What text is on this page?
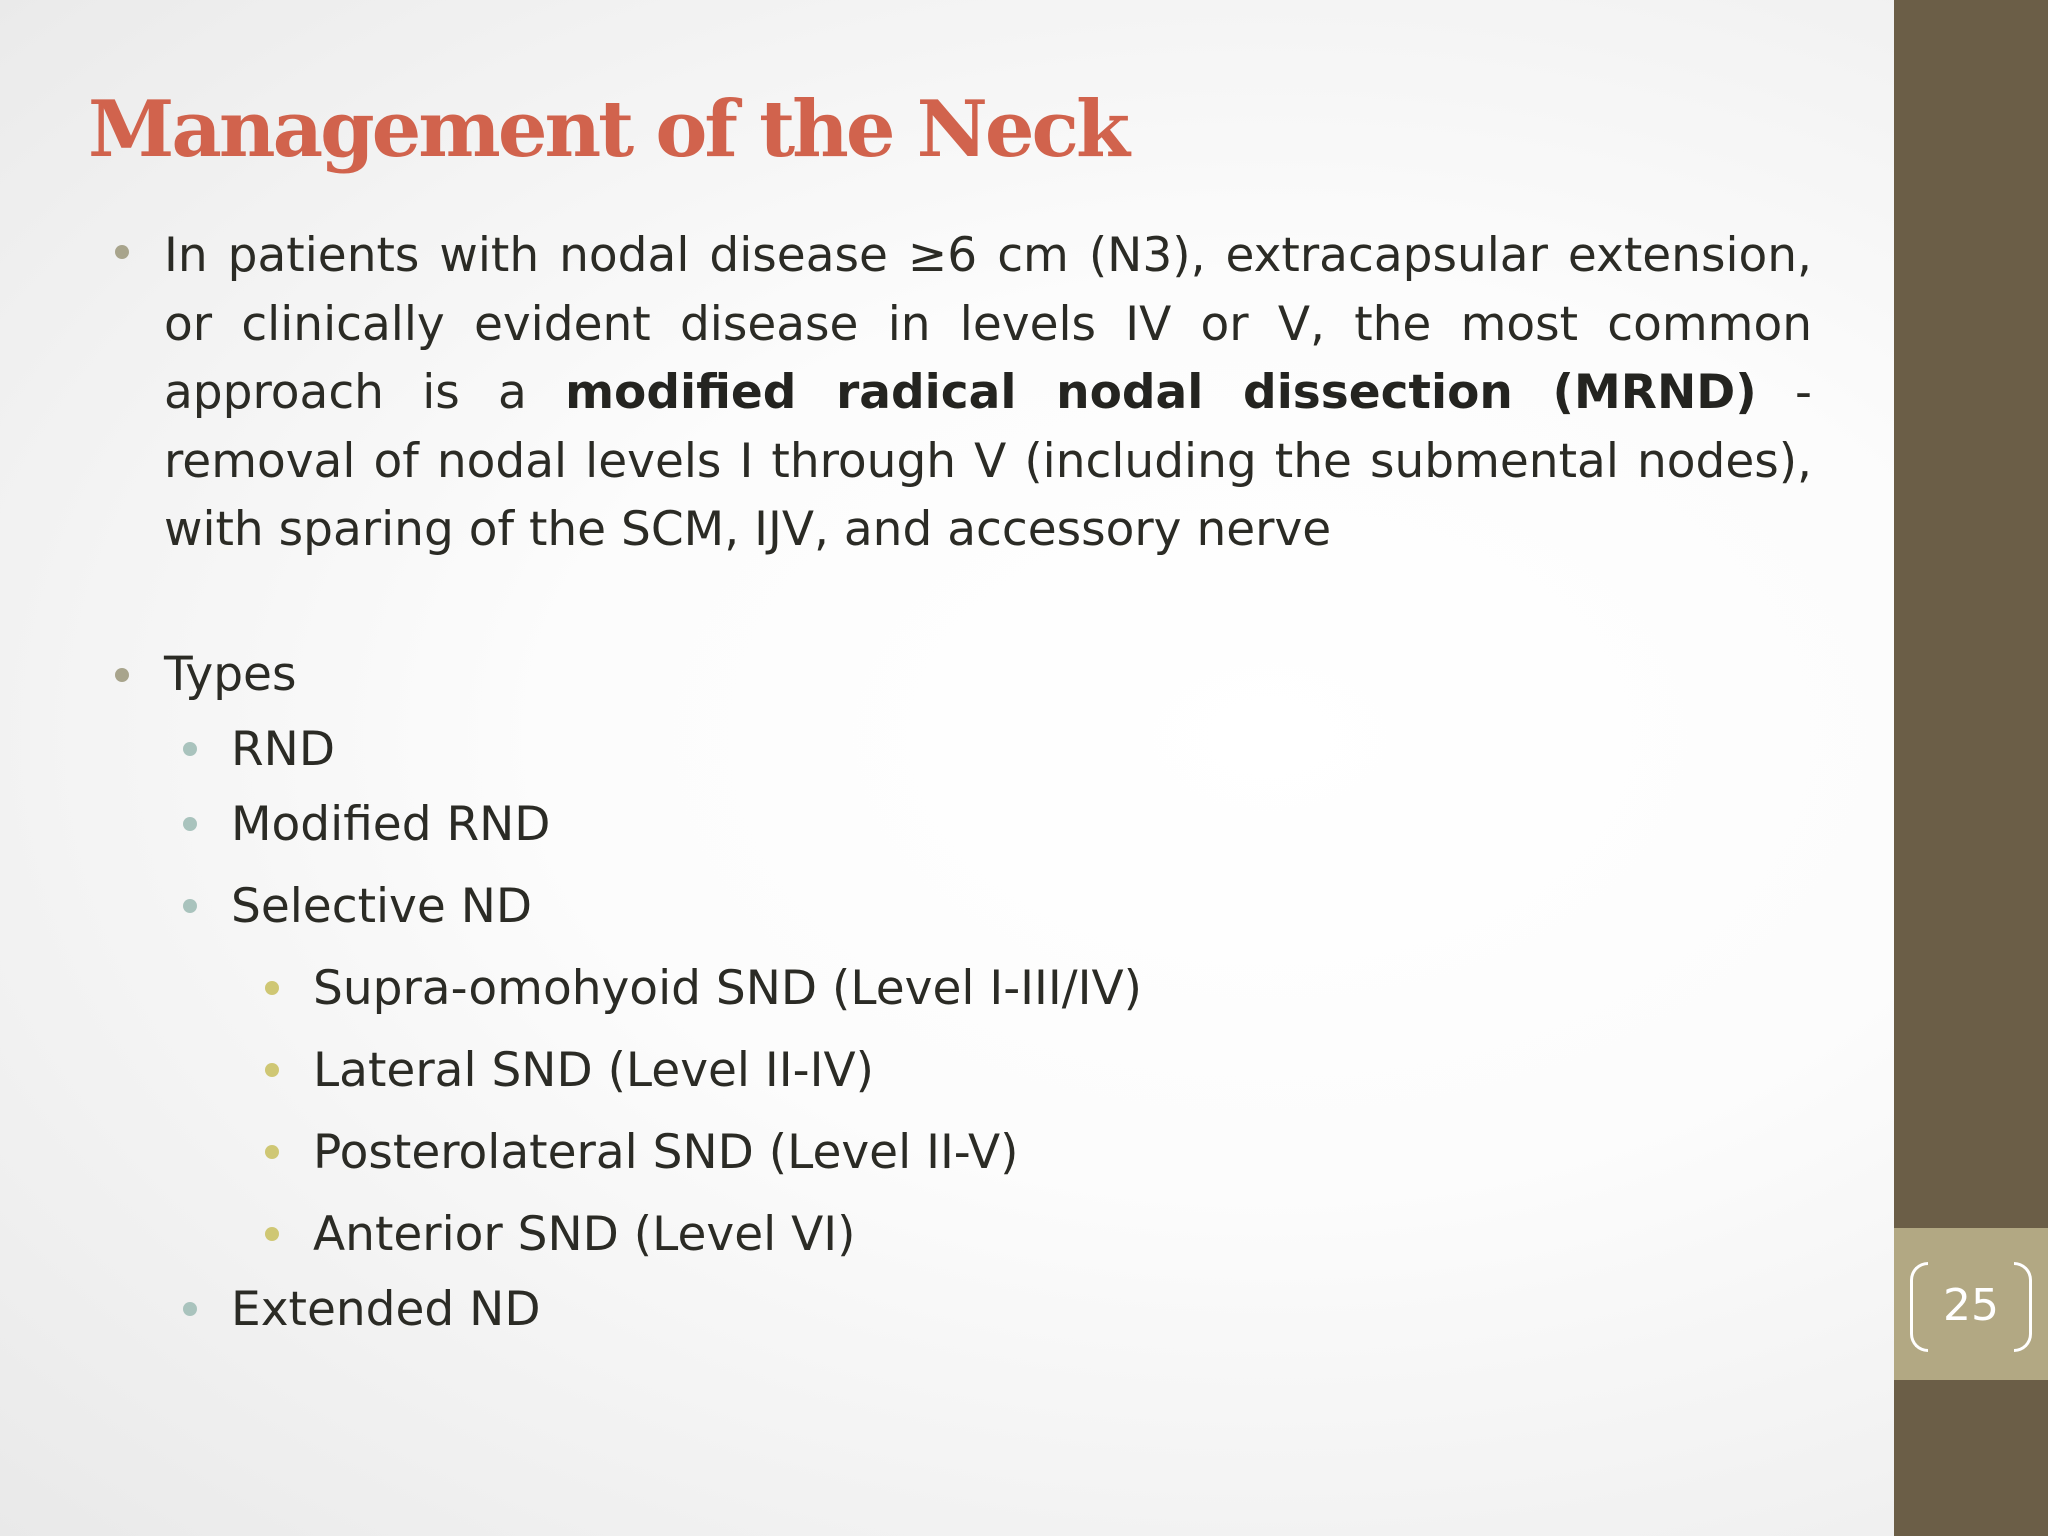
Management of the Neck

In patients with nodal disease ≥6 cm (N3), extracapsular extension, or clinically evident disease in levels IV or V, the most common approach is a modified radical nodal dissection (MRND) - removal of nodal levels I through V (including the submental nodes), with sparing of the SCM, IJV, and accessory nerve

Types
RND
Modified RND
Selective ND
Supra-omohyoid SND (Level I-III/IV)
Lateral SND (Level II-IV)
Posterolateral SND (Level II-V)
Anterior SND (Level VI)
Extended ND	25
